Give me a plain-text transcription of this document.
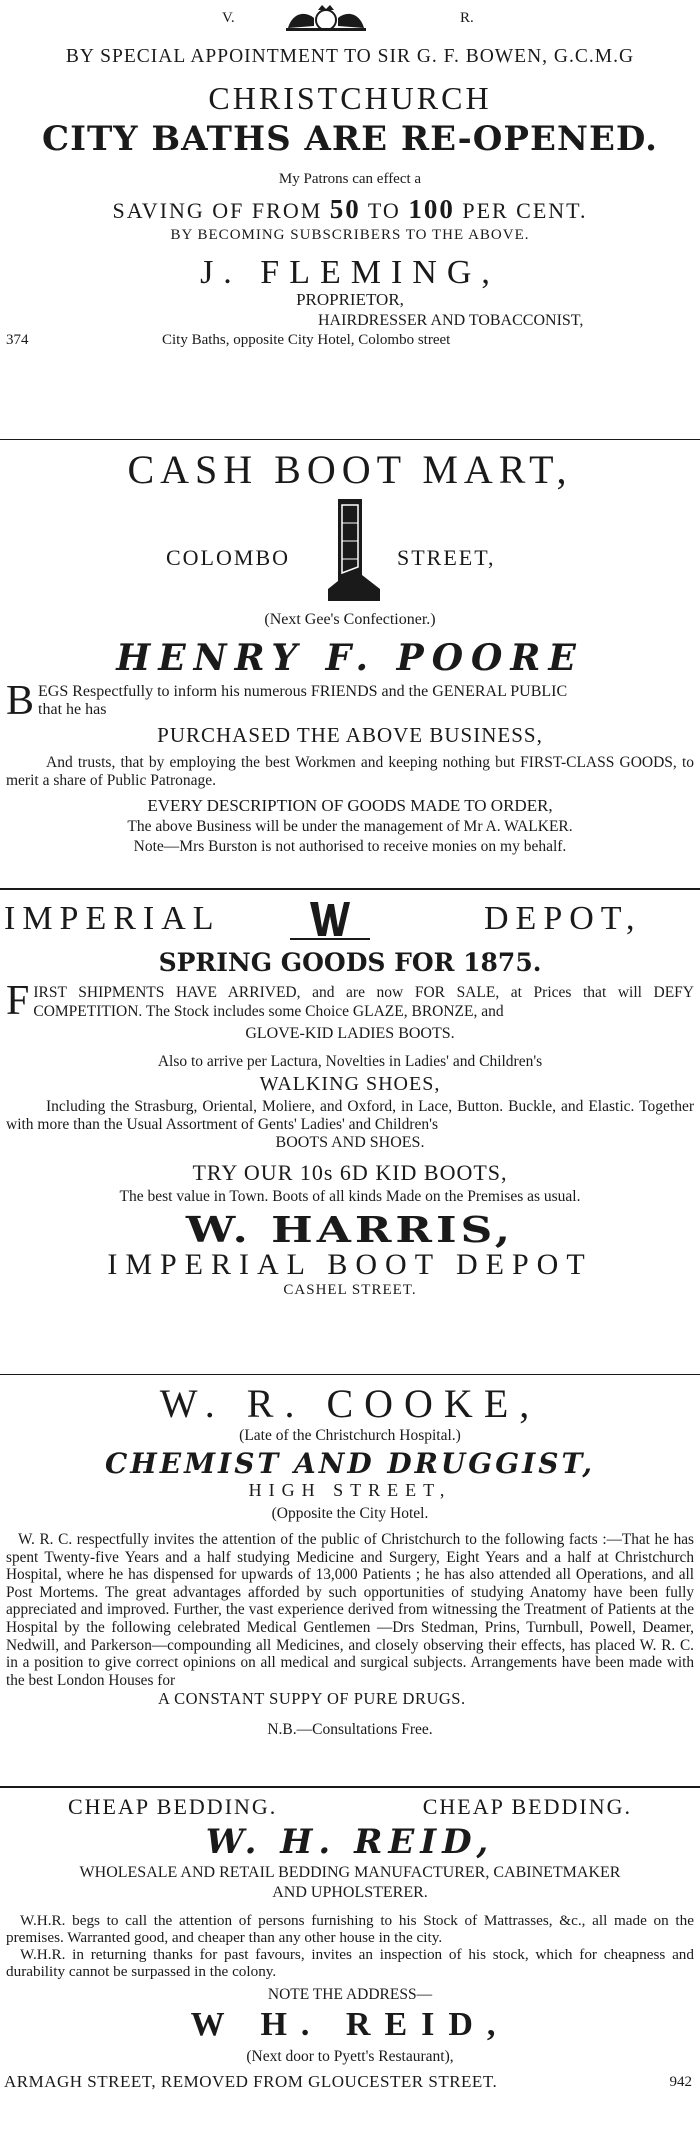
V.	R.
BY SPECIAL APPOINTMENT TO SIR G. F. BOWEN, G.C.M.G
CHRISTCHURCH
CITY BATHS ARE RE-OPENED.
My Patrons can effect a
SAVING OF FROM 50 TO 100 PER CENT.
BY BECOMING SUBSCRIBERS TO THE ABOVE.
J. FLEMING,
PROPRIETOR,
HAIRDRESSER AND TOBACCONIST,
374	City Baths, opposite City Hotel, Colombo street
CASH BOOT MART,
COLOMBO	STREET,
(Next Gee's Confectioner.)
HENRY F. POORE
B EGS Respectfully to inform his numerous FRIENDS and the GENERAL PUBLIC
that he has
PURCHASED THE ABOVE BUSINESS,
And trusts, that by employing the best Workmen and keeping nothing but FIRST-CLASS GOODS, to merit a share of Public Patronage.
EVERY DESCRIPTION OF GOODS MADE TO ORDER,
The above Business will be under the management of Mr A. WALKER.
Note—Mrs Burston is not authorised to receive monies on my behalf.
IMPERIAL	DEPOT,
SPRING GOODS FOR 1875.
F IRST SHIPMENTS HAVE ARRIVED, and are now FOR SALE, at Prices that will DEFY COMPETITION. The Stock includes some Choice GLAZE, BRONZE, and
GLOVE-KID LADIES BOOTS.
Also to arrive per Lactura, Novelties in Ladies' and Children's
WALKING SHOES,
Including the Strasburg, Oriental, Moliere, and Oxford, in Lace, Button. Buckle, and Elastic. Together with more than the Usual Assortment of Gents' Ladies' and Children's
BOOTS AND SHOES.
TRY OUR 10s 6D KID BOOTS,
The best value in Town. Boots of all kinds Made on the Premises as usual.
W. HARRIS,
IMPERIAL BOOT DEPOT
CASHEL STREET.
W. R. COOKE,
(Late of the Christchurch Hospital.)
CHEMIST AND DRUGGIST,
HIGH STREET,
(Opposite the City Hotel.
W. R. C. respectfully invites the attention of the public of Christchurch to the following facts :—That he has spent Twenty-five Years and a half studying Medicine and Surgery, Eight Years and a half at Christchurch Hospital, where he has dispensed for upwards of 13,000 Patients ; he has also attended all Operations, and all Post Mortems. The great advantages afforded by such opportunities of studying Anatomy have been fully appreciated and improved. Further, the vast experience derived from witnessing the Treatment of Patients at the Hospital by the following celebrated Medical Gentlemen —Drs Stedman, Prins, Turnbull, Powell, Deamer, Nedwill, and Parkerson—compounding all Medicines, and closely observing their effects, has placed W. R. C. in a position to give correct opinions on all medical and surgical subjects. Arrangements have been made with the best London Houses for
A CONSTANT SUPPY OF PURE DRUGS.
N.B.—Consultations Free.
CHEAP BEDDING.	CHEAP BEDDING.
W. H. REID,
WHOLESALE AND RETAIL BEDDING MANUFACTURER, CABINETMAKER
AND UPHOLSTERER.
W.H.R. begs to call the attention of persons furnishing to his Stock of Mattrasses, &c., all made on the premises. Warranted good, and cheaper than any other house in the city.
W.H.R. in returning thanks for past favours, invites an inspection of his stock, which for cheapness and durability cannot be surpassed in the colony.
NOTE THE ADDRESS—
W H. REID,
(Next door to Pyett's Restaurant),
ARMAGH STREET, REMOVED FROM GLOUCESTER STREET.	942
